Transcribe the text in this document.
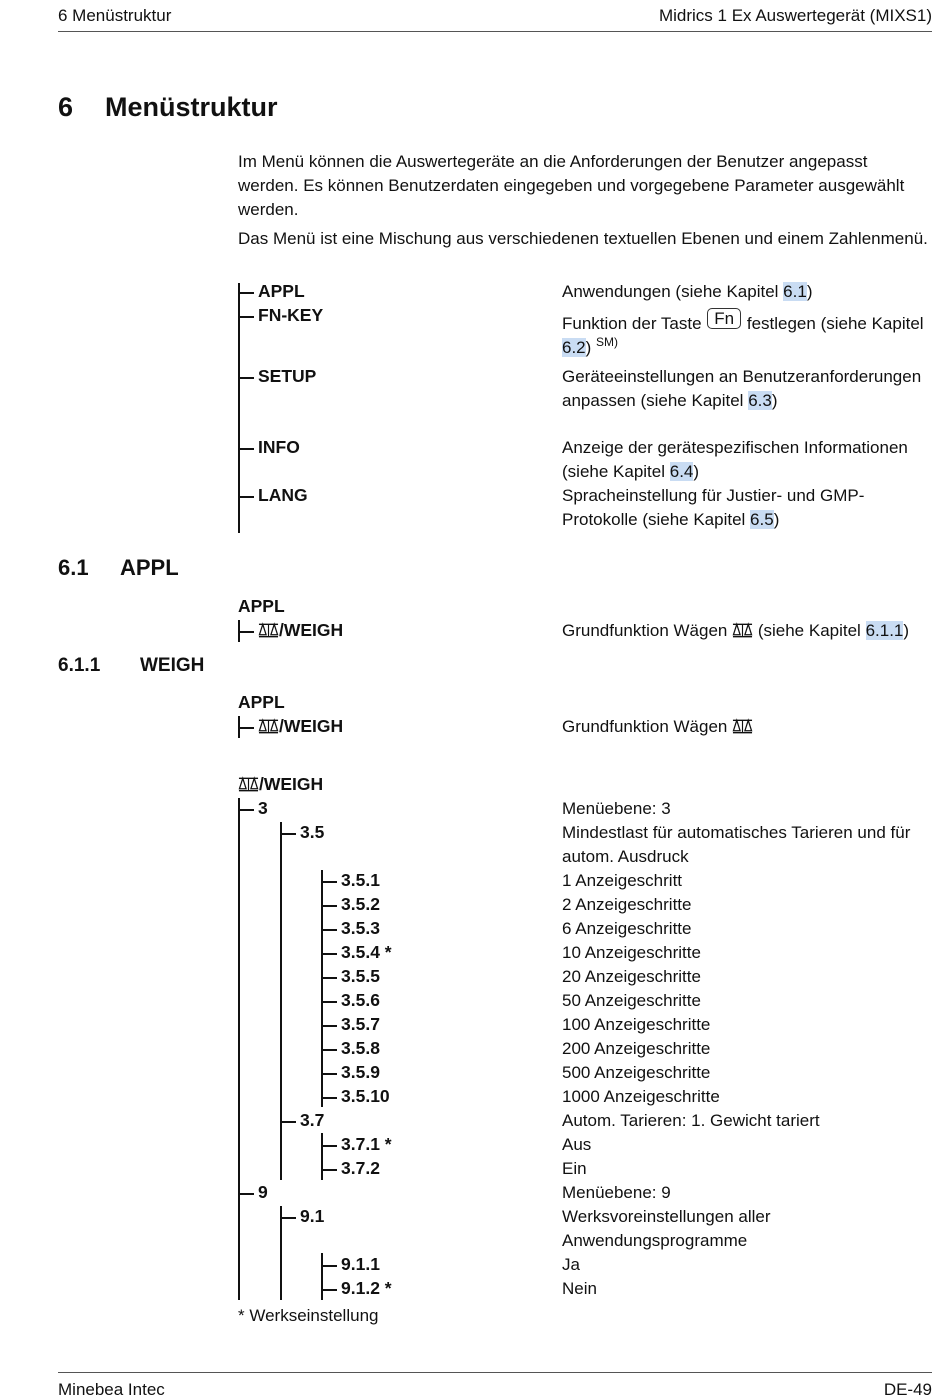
6 Menüstruktur	Midrics 1 Ex Auswertegerät (MIXS1)
6 Menüstruktur
Im Menü können die Auswertegeräte an die Anforderungen der Benutzer angepasst werden. Es können Benutzerdaten eingegeben und vorgegebene Parameter ausgewählt werden.
Das Menü ist eine Mischung aus verschiedenen textuellen Ebenen und einem Zahlenmenü.
APPL	Anwendungen (siehe Kapitel 6.1)
FN-KEY	Funktion der Taste Fn festlegen (siehe Kapitel 6.2) $^{SM)}$
SETUP	Geräteeinstellungen an Benutzeranforderungen anpassen (siehe Kapitel 6.3)
INFO	Anzeige der gerätespezifischen Informationen (siehe Kapitel 6.4)
LANG	Spracheinstellung für Justier- und GMP-Protokolle (siehe Kapitel 6.5)
6.1 APPL
APPL
/WEIGH	Grundfunktion Wägen  (siehe Kapitel 6.1.1)
6.1.1 WEIGH
APPL
/WEIGH	Grundfunktion Wägen
/WEIGH
3	Menüebene: 3
3.5	Mindestlast für automatisches Tarieren und für autom. Ausdruck
3.5.1	1 Anzeigeschritt
3.5.2	2 Anzeigeschritte
3.5.3	6 Anzeigeschritte
3.5.4 *	10 Anzeigeschritte
3.5.5	20 Anzeigeschritte
3.5.6	50 Anzeigeschritte
3.5.7	100 Anzeigeschritte
3.5.8	200 Anzeigeschritte
3.5.9	500 Anzeigeschritte
3.5.10	1000 Anzeigeschritte
3.7	Autom. Tarieren: 1. Gewicht tariert
3.7.1 *	Aus
3.7.2	Ein
9	Menüebene: 9
9.1	Werksvoreinstellungen aller Anwendungsprogramme
9.1.1	Ja
9.1.2 *	Nein
* Werkseinstellung
Minebea Intec	DE-49
